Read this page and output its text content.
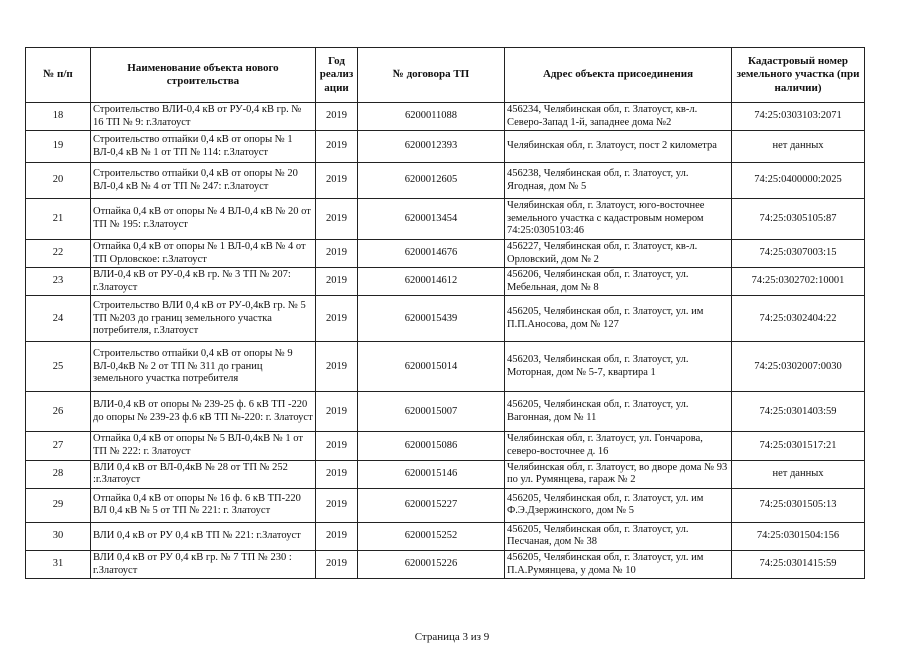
№ п/п	Наименование объекта нового строительства	Год реализ ации	№ договора ТП	Адрес объекта присоединения	Кадастровый номер земельного участка (при наличии)
18	Строительство ВЛИ-0,4 кВ от РУ-0,4 кВ гр. № 16 ТП № 9: г.Златоуст	2019	6200011088	456234, Челябинская обл, г. Златоуст, кв-л. Северо-Запад 1-й, западнее дома №2	74:25:0303103:2071
19	Строительство отпайки 0,4 кВ от опоры № 1 ВЛ-0,4 кВ № 1 от ТП № 114: г.Златоуст	2019	6200012393	Челябинская обл, г. Златоуст, пост 2 километра	нет данных
20	Строительство отпайки 0,4 кВ от опоры № 20 ВЛ-0,4 кВ № 4 от ТП № 247: г.Златоуст	2019	6200012605	456238, Челябинская обл, г. Златоуст, ул. Ягодная, дом № 5	74:25:0400000:2025
21	Отпайка 0,4 кВ от опоры № 4 ВЛ-0,4 кВ № 20 от ТП № 195: г.Златоуст	2019	6200013454	Челябинская обл, г. Златоуст, юго-восточнее земельного участка с кадастровым номером 74:25:0305103:46	74:25:0305105:87
22	Отпайка 0,4 кВ от опоры № 1 ВЛ-0,4 кВ № 4 от ТП Орловское: г.Златоуст	2019	6200014676	456227, Челябинская обл, г. Златоуст, кв-л. Орловский, дом № 2	74:25:0307003:15
23	ВЛИ-0,4 кВ от РУ-0,4 кВ гр. № 3 ТП № 207: г.Златоуст	2019	6200014612	456206, Челябинская обл, г. Златоуст, ул. Мебельная, дом № 8	74:25:0302702:10001
24	Строительство ВЛИ 0,4 кВ от РУ-0,4кВ гр. № 5 ТП №203 до границ земельного участка потребителя, г.Златоуст	2019	6200015439	456205, Челябинская обл, г. Златоуст, ул. им П.П.Аносова, дом № 127	74:25:0302404:22
25	Строительство отпайки 0,4 кВ от опоры № 9 ВЛ-0,4кВ № 2 от ТП № 311 до границ земельного участка потребителя	2019	6200015014	456203, Челябинская обл, г. Златоуст, ул. Моторная, дом № 5-7, квартира 1	74:25:0302007:0030
26	ВЛИ-0,4 кВ от опоры № 239-25 ф. 6 кВ ТП -220 до опоры № 239-23 ф.6 кВ ТП №-220: г. Златоуст	2019	6200015007	456205, Челябинская обл, г. Златоуст, ул. Вагонная, дом № 11	74:25:0301403:59
27	Отпайка 0,4 кВ от опоры № 5 ВЛ-0,4кВ № 1 от ТП № 222: г. Златоуст	2019	6200015086	Челябинская обл, г. Златоуст, ул. Гончарова, северо-восточнее д. 16	74:25:0301517:21
28	ВЛИ 0,4 кВ от ВЛ-0,4кВ № 28 от ТП № 252 :г.Златоуст	2019	6200015146	Челябинская обл, г. Златоуст, во дворе дома № 93 по ул. Румянцева, гараж № 2	нет данных
29	Отпайка 0,4 кВ от опоры № 16 ф. 6 кВ ТП-220 ВЛ 0,4 кВ № 5 от ТП № 221: г. Златоуст	2019	6200015227	456205, Челябинская обл, г. Златоуст, ул. им Ф.Э.Дзержинского, дом № 5	74:25:0301505:13
30	ВЛИ 0,4 кВ от РУ 0,4 кВ ТП № 221: г.Златоуст	2019	6200015252	456205, Челябинская обл, г. Златоуст, ул. Песчаная, дом № 38	74:25:0301504:156
31	ВЛИ 0,4 кВ от РУ 0,4 кВ гр. № 7 ТП № 230 : г.Златоуст	2019	6200015226	456205, Челябинская обл, г. Златоуст, ул. им П.А.Румянцева, у дома № 10	74:25:0301415:59
Страница 3 из 9
